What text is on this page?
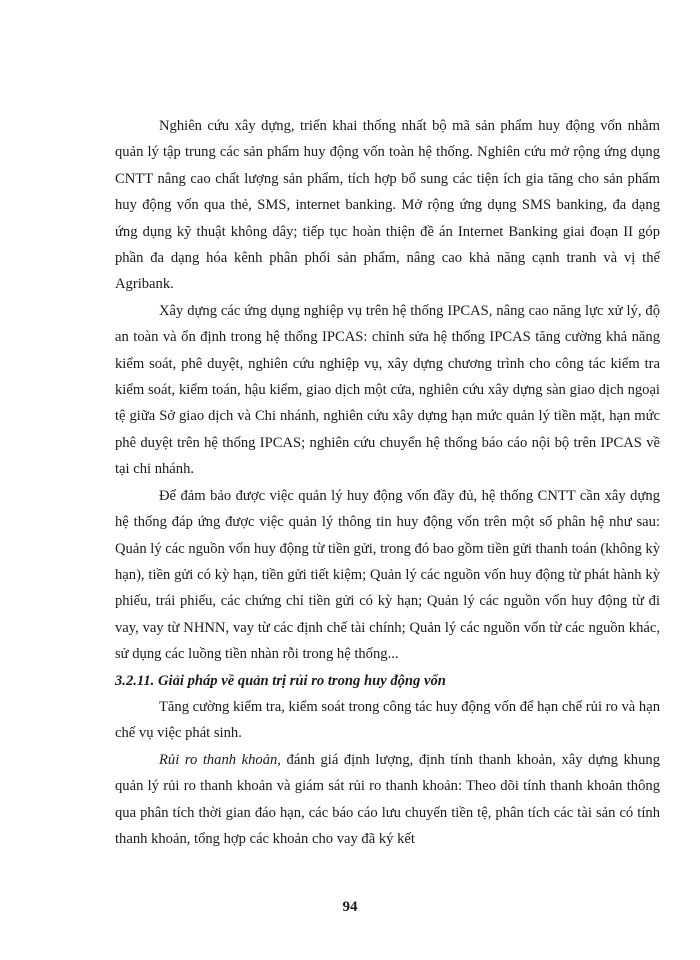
Nghiên cứu xây dựng, triển khai thống nhất bộ mã sản phẩm huy động vốn nhằm quản lý tập trung các sản phẩm huy động vốn toàn hệ thống. Nghiên cứu mở rộng ứng dụng CNTT nâng cao chất lượng sản phẩm, tích hợp bổ sung các tiện ích gia tăng cho sản phẩm huy động vốn qua thẻ, SMS, internet banking. Mở rộng ứng dụng SMS banking, đa dạng ứng dụng kỹ thuật không dây; tiếp tục hoàn thiện đề án Internet Banking giai đoạn II góp phần đa dạng hóa kênh phân phối sản phẩm, nâng cao khả năng cạnh tranh và vị thế Agribank.

Xây dựng các ứng dụng nghiệp vụ trên hệ thống IPCAS, nâng cao năng lực xử lý, độ an toàn và ổn định trong hệ thống IPCAS: chỉnh sửa hệ thống IPCAS tăng cường khả năng kiểm soát, phê duyệt, nghiên cứu nghiệp vụ, xây dựng chương trình cho công tác kiểm tra kiểm soát, kiểm toán, hậu kiểm, giao dịch một cửa, nghiên cứu xây dựng sàn giao dịch ngoại tệ giữa Sở giao dịch và Chi nhánh, nghiên cứu xây dựng hạn mức quản lý tiền mặt, hạn mức phê duyệt trên hệ thống IPCAS; nghiên cứu chuyển hệ thống báo cáo nội bộ trên IPCAS về tại chi nhánh.

Để đảm bảo được việc quản lý huy động vốn đầy đủ, hệ thống CNTT cần xây dựng hệ thống đáp ứng được việc quản lý thông tin huy động vốn trên một số phân hệ như sau: Quản lý các nguồn vốn huy động từ tiền gửi, trong đó bao gồm tiền gửi thanh toán (không kỳ hạn), tiền gửi có kỳ hạn, tiền gửi tiết kiệm; Quản lý các nguồn vốn huy động từ phát hành kỳ phiếu, trái phiếu, các chứng chỉ tiền gửi có kỳ hạn; Quản lý các nguồn vốn huy động từ đi vay, vay từ NHNN, vay từ các định chế tài chính; Quản lý các nguồn vốn từ các nguồn khác, sử dụng các luồng tiền nhàn rỗi trong hệ thống...

3.2.11. Giải pháp về quản trị rủi ro trong huy động vốn

Tăng cường kiểm tra, kiểm soát trong công tác huy động vốn để hạn chế rủi ro và hạn chế vụ việc phát sinh.

Rủi ro thanh khoản, đánh giá định lượng, định tính thanh khoản, xây dựng khung quản lý rủi ro thanh khoản và giám sát rủi ro thanh khoản: Theo dõi tính thanh khoản thông qua phân tích thời gian đáo hạn, các báo cáo lưu chuyển tiền tệ, phân tích các tài sản có tính thanh khoản, tổng hợp các khoản cho vay đã ký kết

94
